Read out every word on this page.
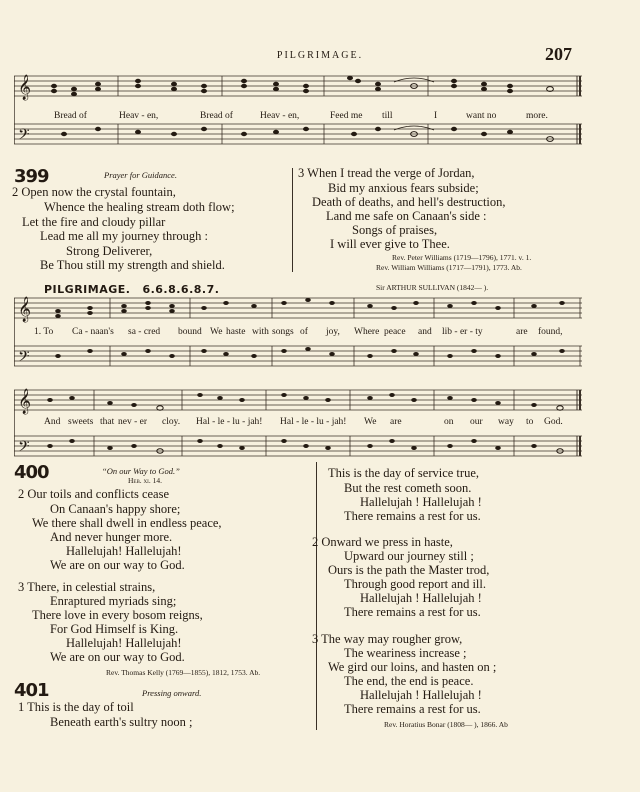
PILGRIMAGE.	207
𝄞
𝄢
Bread of	Heav - en,	Bread of	Heav - en,	Feed me till	I	want no	more.
399	Prayer for Guidance.
2 Open now the crystal fountain,
Whence the healing stream doth flow;
Let the fire and cloudy pillar
Lead me all my journey through :
Strong Deliverer,
Be Thou still my strength and shield.
3 When I tread the verge of Jordan,
Bid my anxious fears subside;
Death of deaths, and hell's destruction,
Land me safe on Canaan's side :
Songs of praises,
I will ever give to Thee.
Rev. Peter Williams (1719—1796), 1771. v. 1.
Rev. William Williams (1717—1791), 1773. Ab.
PILGRIMAGE. 6.6.8.6.8.7.	Sir ARTHUR SULLIVAN (1842— ).
𝄞
𝄢
1. To Ca - naan's sa - cred bound We haste with songs of joy, Where peace and lib - er - ty	are found,
𝄞
𝄢
And sweets that nev - er cloy. Hal - le - lu - jah! Hal - le - lu - jah! We are	on our way to God.
400	“On our Way to God.”
Heb. xi. 14.
2 Our toils and conflicts cease
On Canaan's happy shore;
We there shall dwell in endless peace,
And never hunger more.
Hallelujah! Hallelujah!
We are on our way to God.
3 There, in celestial strains,
Enraptured myriads sing;
There love in every bosom reigns,
For God Himself is King.
Hallelujah! Hallelujah!
We are on our way to God.
Rev. Thomas Kelly (1769—1855), 1812, 1753. Ab.
401	Pressing onward.
1 This is the day of toil
Beneath earth's sultry noon ;
This is the day of service true,
But the rest cometh soon.
Hallelujah ! Hallelujah !
There remains a rest for us.
2 Onward we press in haste,
Upward our journey still ;
Ours is the path the Master trod,
Through good report and ill.
Hallelujah ! Hallelujah !
There remains a rest for us.
3 The way may rougher grow,
The weariness increase ;
We gird our loins, and hasten on ;
The end, the end is peace.
Hallelujah ! Hallelujah !
There remains a rest for us.
Rev. Horatius Bonar (1808— ), 1866. Ab
